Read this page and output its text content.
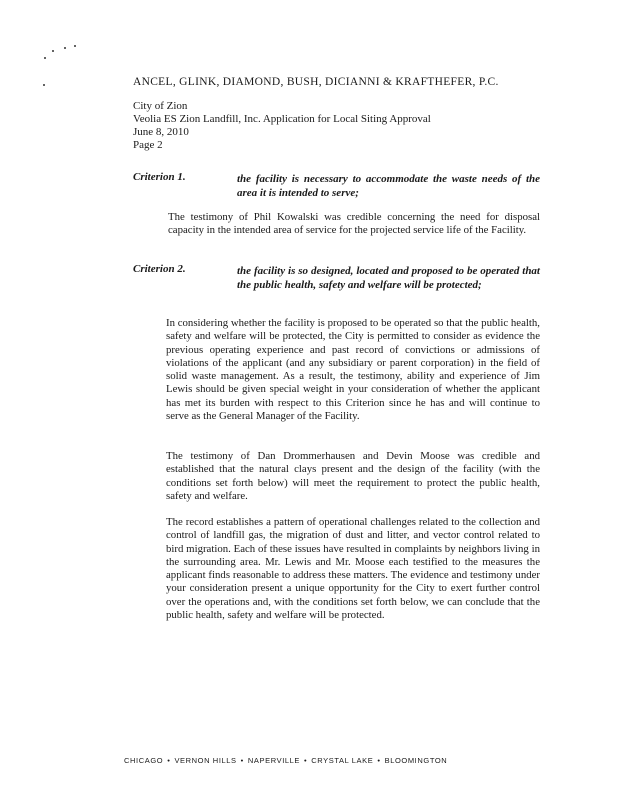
ANCEL, GLINK, DIAMOND, BUSH, DICIANNI & KRAFTHEFER, P.C.
City of Zion
Veolia ES Zion Landfill, Inc. Application for Local Siting Approval
June 8, 2010
Page 2
Criterion 1.	the facility is necessary to accommodate the waste needs of the area it is intended to serve;
The testimony of Phil Kowalski was credible concerning the need for disposal capacity in the intended area of service for the projected service life of the Facility.
Criterion 2.	the facility is so designed, located and proposed to be operated that the public health, safety and welfare will be protected;
In considering whether the facility is proposed to be operated so that the public health, safety and welfare will be protected, the City is permitted to consider as evidence the previous operating experience and past record of convictions or admissions of violations of the applicant (and any subsidiary or parent corporation) in the field of solid waste management. As a result, the testimony, ability and experience of Jim Lewis should be given special weight in your consideration of whether the applicant has met its burden with respect to this Criterion since he has and will continue to serve as the General Manager of the Facility.
The testimony of Dan Drommerhausen and Devin Moose was credible and established that the natural clays present and the design of the facility (with the conditions set forth below) will meet the requirement to protect the public health, safety and welfare.
The record establishes a pattern of operational challenges related to the collection and control of landfill gas, the migration of dust and litter, and vector control related to bird migration. Each of these issues have resulted in complaints by neighbors living in the surrounding area. Mr. Lewis and Mr. Moose each testified to the measures the applicant finds reasonable to address these matters. The evidence and testimony under your consideration present a unique opportunity for the City to exert further control over the operations and, with the conditions set forth below, we can conclude that the public health, safety and welfare will be protected.
CHICAGO • VERNON HILLS • NAPERVILLE • CRYSTAL LAKE • BLOOMINGTON
